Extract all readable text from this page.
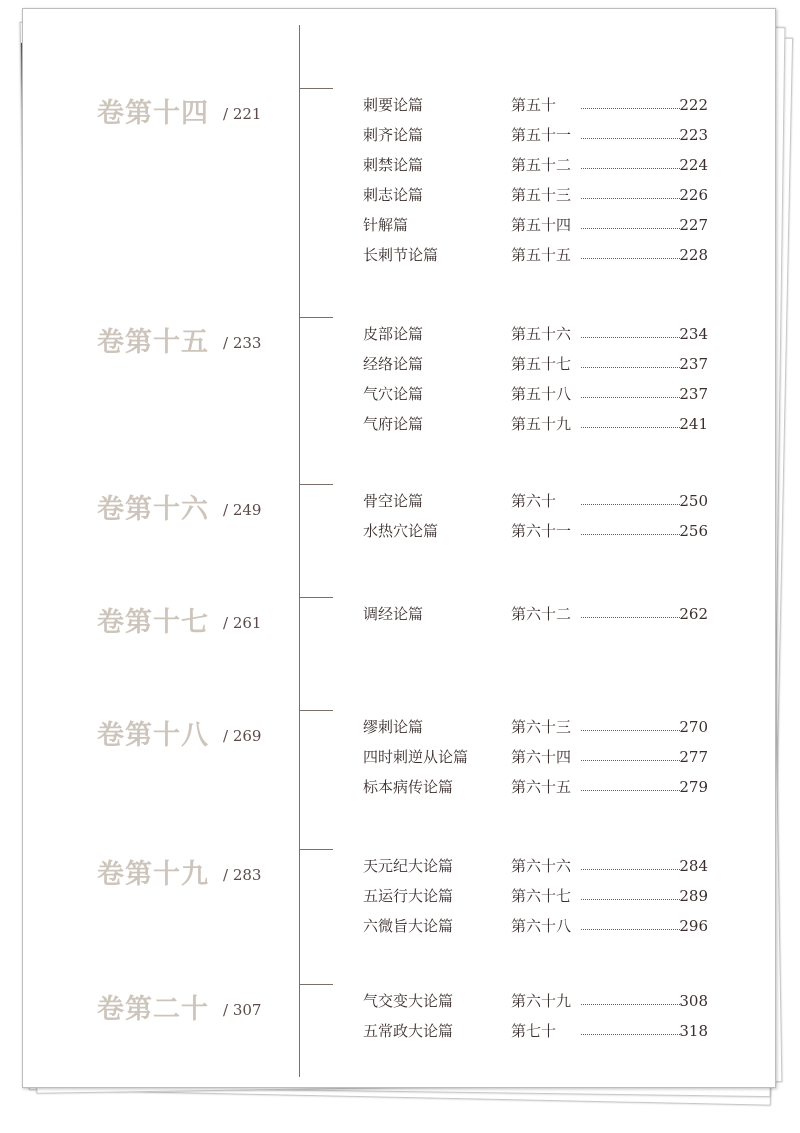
卷第十四 / 221	刺要论篇	第五十	222
刺齐论篇	第五十一	223
刺禁论篇	第五十二	224
刺志论篇	第五十三	226
针解篇	第五十四	227
长刺节论篇	第五十五	228
卷第十五 / 233	皮部论篇	第五十六	234
经络论篇	第五十七	237
气穴论篇	第五十八	237
气府论篇	第五十九	241
卷第十六 / 249	骨空论篇	第六十	250
水热穴论篇	第六十一	256
卷第十七 / 261	调经论篇	第六十二	262
卷第十八 / 269	缪刺论篇	第六十三	270
四时刺逆从论篇	第六十四	277
标本病传论篇	第六十五	279
卷第十九 / 283	天元纪大论篇	第六十六	284
五运行大论篇	第六十七	289
六微旨大论篇	第六十八	296
卷第二十 / 307	气交变大论篇	第六十九	308
五常政大论篇	第七十	318
